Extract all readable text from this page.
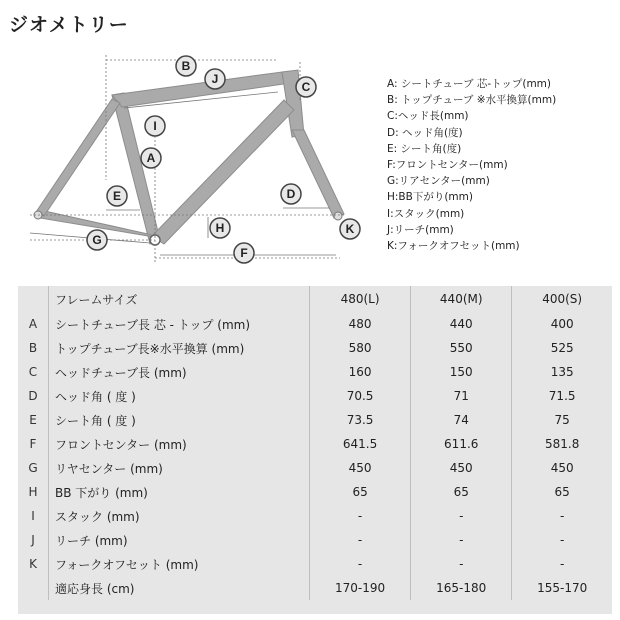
ジオメトリー
B
J
C
I
A
E	D
K
H
G
F
A: シートチューブ 芯-トップ(mm)
B: トップチューブ ※水平換算(mm)
C:ヘッド長(mm)
D: ヘッド角(度)
E: シート角(度)
F:フロントセンター(mm)
G:リアセンター(mm)
H:BB下がり(mm)
I:スタック(mm)
J:リーチ(mm)
K:フォークオフセット(mm)
	フレームサイズ	480(L)	440(M)	400(S)
A	シートチューブ長 芯 - トップ (mm)	480	440	400
B	トップチューブ長※水平換算 (mm)	580	550	525
C	ヘッドチューブ長 (mm)	160	150	135
D	ヘッド角 ( 度 )	70.5	71	71.5
E	シート角 ( 度 )	73.5	74	75
F	フロントセンター (mm)	641.5	611.6	581.8
G	リヤセンター (mm)	450	450	450
H	BB 下がり (mm)	65	65	65
I	スタック (mm)	-	-	-
J	リーチ (mm)	-	-	-
K	フォークオフセット (mm)	-	-	-
	適応身長 (cm)	170-190	165-180	155-170
